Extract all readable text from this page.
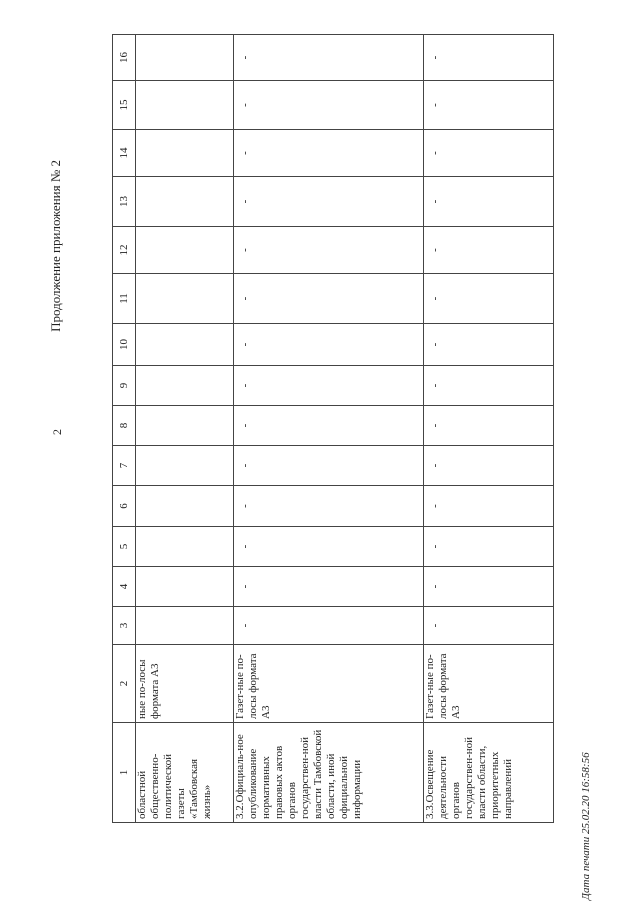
Продолжение приложения № 2
2
1	2	3	4	5	6	7	8	9	10	11	12	13	14	15	16
областной общественно-политической газеты «Тамбовская жизнь»	ные по-лосы формата А3														
3.2.Официаль-ное опубликование нормативных правовых актов органов государствен-ной власти Тамбовской области, иной официальной информации	Газет-ные по-лосы формата А3	-	-	-	-	-	-	-	-	-	-	-	-	-	-
3.3.Освещение деятельности органов государствен-ной власти области, приоритетных направлений	Газет-ные по-лосы формата А3	-	-	-	-	-	-	-	-	-	-	-	-	-	-
Дата печати 25.02.20 16:58:56
